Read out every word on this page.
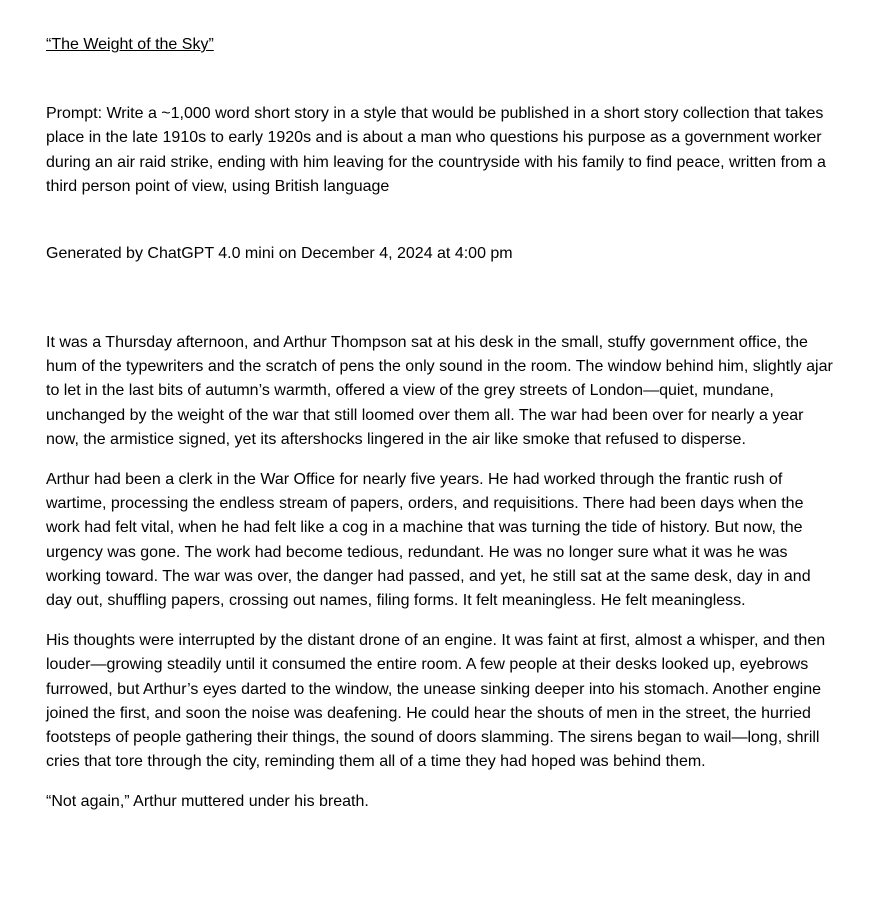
“The Weight of the Sky”
Prompt: Write a ~1,000 word short story in a style that would be published in a short story collection that takes place in the late 1910s to early 1920s and is about a man who questions his purpose as a government worker during an air raid strike, ending with him leaving for the countryside with his family to find peace, written from a third person point of view, using British language
Generated by ChatGPT 4.0 mini on December 4, 2024 at 4:00 pm

It was a Thursday afternoon, and Arthur Thompson sat at his desk in the small, stuffy government office, the hum of the typewriters and the scratch of pens the only sound in the room. The window behind him, slightly ajar to let in the last bits of autumn’s warmth, offered a view of the grey streets of London—quiet, mundane, unchanged by the weight of the war that still loomed over them all. The war had been over for nearly a year now, the armistice signed, yet its aftershocks lingered in the air like smoke that refused to disperse.

Arthur had been a clerk in the War Office for nearly five years. He had worked through the frantic rush of wartime, processing the endless stream of papers, orders, and requisitions. There had been days when the work had felt vital, when he had felt like a cog in a machine that was turning the tide of history. But now, the urgency was gone. The work had become tedious, redundant. He was no longer sure what it was he was working toward. The war was over, the danger had passed, and yet, he still sat at the same desk, day in and day out, shuffling papers, crossing out names, filing forms. It felt meaningless. He felt meaningless.

His thoughts were interrupted by the distant drone of an engine. It was faint at first, almost a whisper, and then louder—growing steadily until it consumed the entire room. A few people at their desks looked up, eyebrows furrowed, but Arthur’s eyes darted to the window, the unease sinking deeper into his stomach. Another engine joined the first, and soon the noise was deafening. He could hear the shouts of men in the street, the hurried footsteps of people gathering their things, the sound of doors slamming. The sirens began to wail—long, shrill cries that tore through the city, reminding them all of a time they had hoped was behind them.

“Not again,” Arthur muttered under his breath.
